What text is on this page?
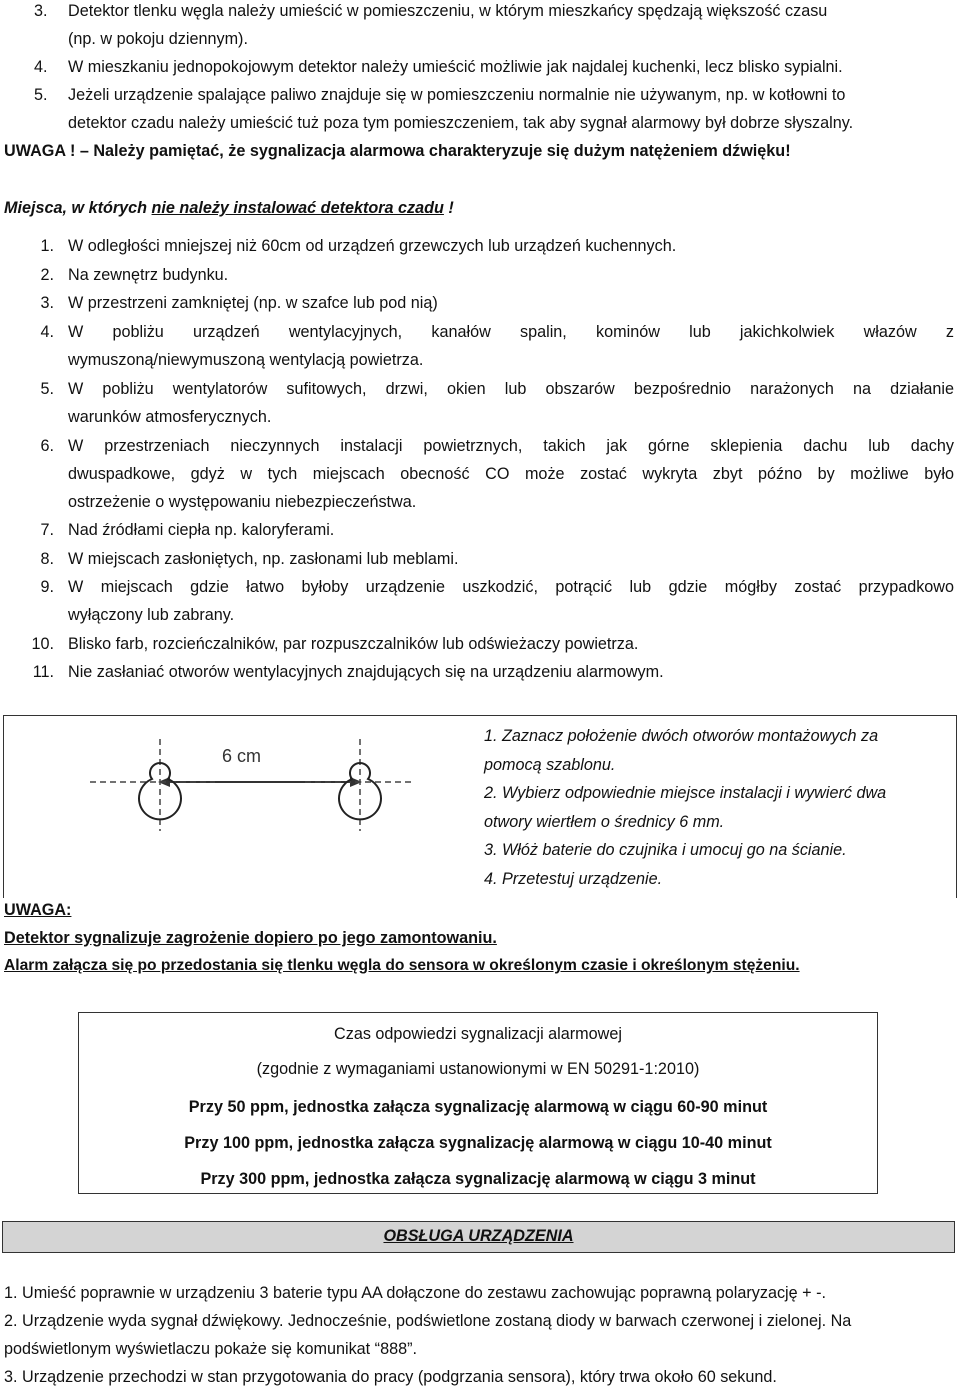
3.	Detektor tlenku węgla należy umieścić w pomieszczeniu, w którym mieszkańcy spędzają większość czasu
(np. w pokoju dziennym).
4.	W mieszkaniu jednopokojowym detektor należy umieścić możliwie jak najdalej kuchenki, lecz blisko sypialni.
5.	Jeżeli urządzenie spalające paliwo znajduje się w pomieszczeniu normalnie nie używanym, np. w kotłowni to
detektor czadu należy umieścić tuż poza tym pomieszczeniem, tak aby sygnał alarmowy był dobrze słyszalny.
UWAGA ! – Należy pamiętać, że sygnalizacja alarmowa charakteryzuje się dużym natężeniem dźwięku!
Miejsca, w których nie należy instalować detektora czadu !
1. W odległości mniejszej niż 60cm od urządzeń grzewczych lub urządzeń kuchennych.
2. Na zewnętrz budynku.
3. W przestrzeni zamkniętej (np. w szafce lub pod nią)
4. W pobliżu urządzeń wentylacyjnych, kanałów spalin, kominów lub jakichkolwiek włazów z
wymuszoną/niewymuszoną wentylacją powietrza.
5. W pobliżu wentylatorów sufitowych, drzwi, okien lub obszarów bezpośrednio narażonych na działanie
warunków atmosferycznych.
6. W przestrzeniach nieczynnych instalacji powietrznych, takich jak górne sklepienia dachu lub dachy
dwuspadkowe, gdyż w tych miejscach obecność CO może zostać wykryta zbyt późno by możliwe było
ostrzeżenie o występowaniu niebezpieczeństwa.
7. Nad źródłami ciepła np. kaloryferami.
8. W miejscach zasłoniętych, np. zasłonami lub meblami.
9. W miejscach gdzie łatwo byłoby urządzenie uszkodzić, potrącić lub gdzie mógłby zostać przypadkowo
wyłączony lub zabrany.
10. Blisko farb, rozcieńczalników, par rozpuszczalników lub odświeżaczy powietrza.
11. Nie zasłaniać otworów wentylacyjnych znajdujących się na urządzeniu alarmowym.
6 cm
1. Zaznacz położenie dwóch otworów montażowych za
pomocą szablonu.
2. Wybierz odpowiednie miejsce instalacji i wywierć dwa
otwory wiertłem o średnicy 6 mm.
3. Włóż baterie do czujnika i umocuj go na ścianie.
4. Przetestuj urządzenie.
UWAGA:
Detektor sygnalizuje zagrożenie dopiero po jego zamontowaniu.
Alarm załącza się po przedostania się tlenku węgla do sensora w określonym czasie i określonym stężeniu.
Czas odpowiedzi sygnalizacji alarmowej
(zgodnie z wymaganiami ustanowionymi w EN 50291-1:2010)
Przy 50 ppm, jednostka załącza sygnalizację alarmową w ciągu 60-90 minut
Przy 100 ppm, jednostka załącza sygnalizację alarmową w ciągu 10-40 minut
Przy 300 ppm, jednostka załącza sygnalizację alarmową w ciągu 3 minut
OBSŁUGA URZĄDZENIA
1. Umieść poprawnie w urządzeniu 3 baterie typu AA dołączone do zestawu zachowując poprawną polaryzację + -.
2. Urządzenie wyda sygnał dźwiękowy. Jednocześnie, podświetlone zostaną diody w barwach czerwonej i zielonej. Na
podświetlonym wyświetlaczu pokaże się komunikat “888”.
3. Urządzenie przechodzi w stan przygotowania do pracy (podgrzania sensora), który trwa około 60 sekund.
